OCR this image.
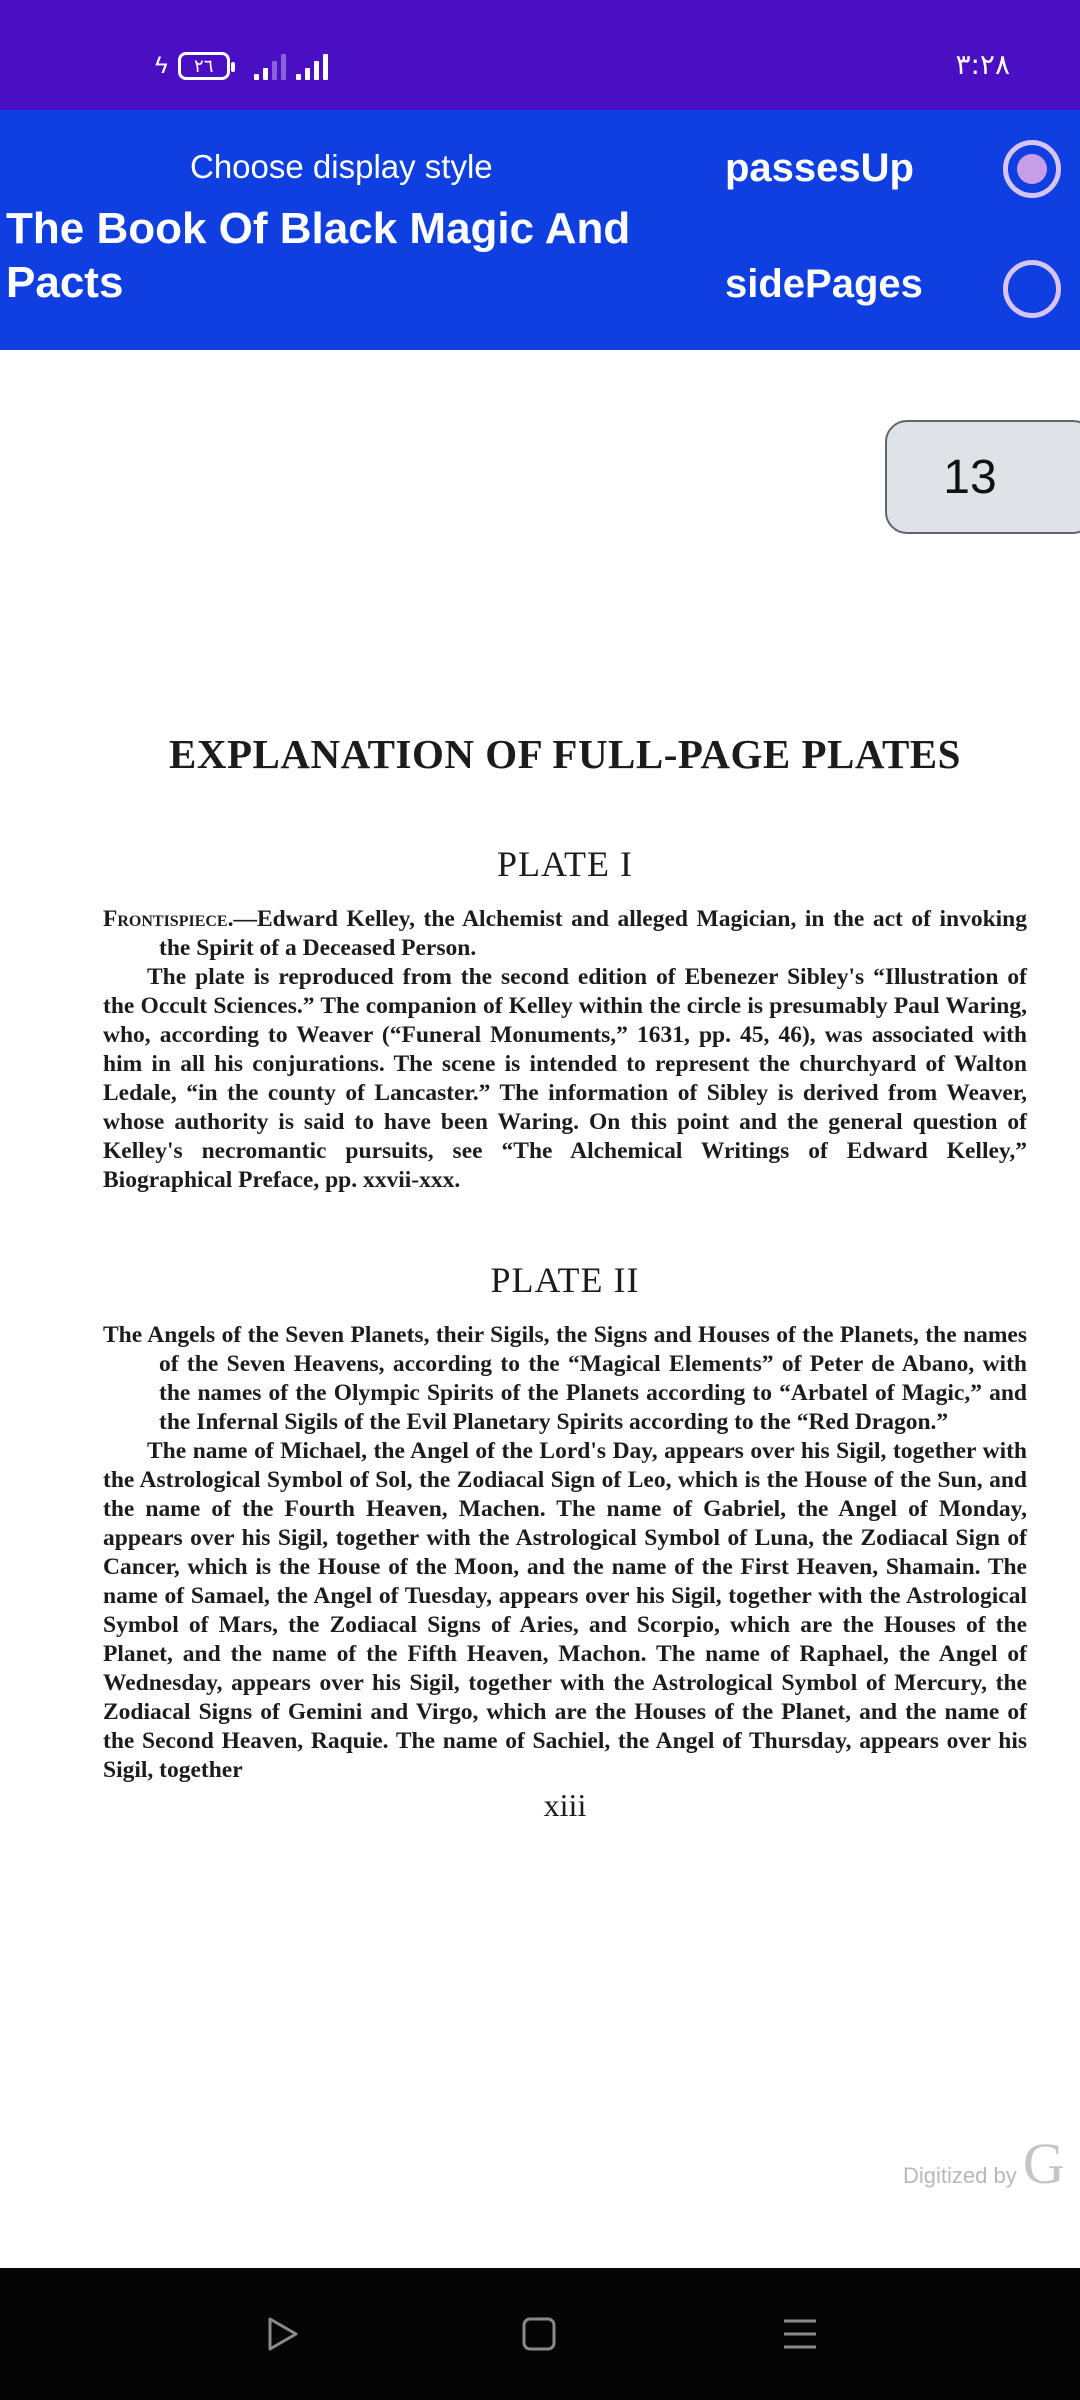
ϟ ٢٦	٣:٢٨
Choose display style
The Book Of Black Magic And Pacts
passesUp
sidePages
13
EXPLANATION OF FULL-PAGE PLATES
PLATE I

Frontispiece.—Edward Kelley, the Alchemist and alleged Magician, in the act of invoking the Spirit of a Deceased Person.

The plate is reproduced from the second edition of Ebenezer Sibley's “Illustration of the Occult Sciences.” The companion of Kelley within the circle is presumably Paul Waring, who, according to Weaver (“Funeral Monuments,” 1631, pp. 45, 46), was associated with him in all his conjurations. The scene is intended to represent the churchyard of Walton Ledale, “in the county of Lancaster.” The information of Sibley is derived from Weaver, whose authority is said to have been Waring. On this point and the general question of Kelley's necromantic pursuits, see “The Alchemical Writings of Edward Kelley,” Biographical Preface, pp. xxvii-xxx.

PLATE II

The Angels of the Seven Planets, their Sigils, the Signs and Houses of the Planets, the names of the Seven Heavens, according to the “Magical Elements” of Peter de Abano, with the names of the Olympic Spirits of the Planets according to “Arbatel of Magic,” and the Infernal Sigils of the Evil Planetary Spirits according to the “Red Dragon.”

The name of Michael, the Angel of the Lord's Day, appears over his Sigil, together with the Astrological Symbol of Sol, the Zodiacal Sign of Leo, which is the House of the Sun, and the name of the Fourth Heaven, Machen. The name of Gabriel, the Angel of Monday, appears over his Sigil, together with the Astrological Symbol of Luna, the Zodiacal Sign of Cancer, which is the House of the Moon, and the name of the First Heaven, Shamain. The name of Samael, the Angel of Tuesday, appears over his Sigil, together with the Astrological Symbol of Mars, the Zodiacal Signs of Aries, and Scorpio, which are the Houses of the Planet, and the name of the Fifth Heaven, Machon. The name of Raphael, the Angel of Wednesday, appears over his Sigil, together with the Astrological Symbol of Mercury, the Zodiacal Signs of Gemini and Virgo, which are the Houses of the Planet, and the name of the Second Heaven, Raquie. The name of Sachiel, the Angel of Thursday, appears over his Sigil, together

xiii
Digitized by G
